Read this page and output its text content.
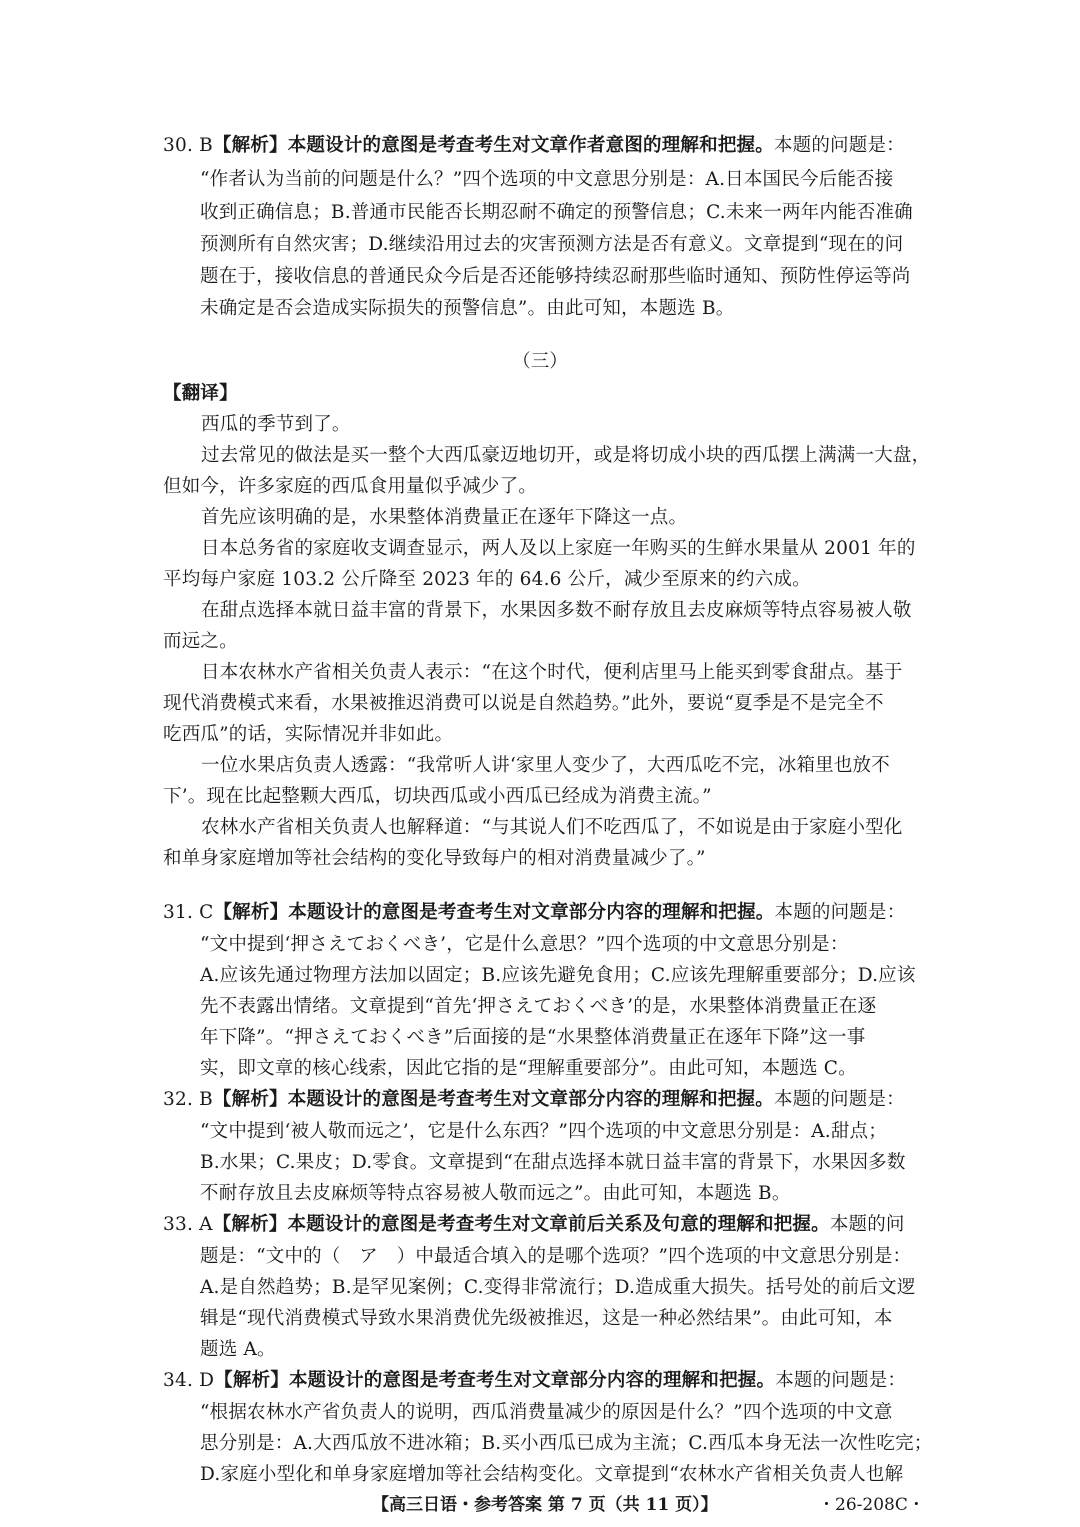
30. B【解析】本题设计的意图是考查考生对文章作者意图的理解和把握。本题的问题是：
“作者认为当前的问题是什么？”四个选项的中文意思分别是：A.日本国民今后能否接
收到正确信息；B.普通市民能否长期忍耐不确定的预警信息；C.未来一两年内能否准确
预测所有自然灾害；D.继续沿用过去的灾害预测方法是否有意义。文章提到“现在的问
题在于，接收信息的普通民众今后是否还能够持续忍耐那些临时通知、预防性停运等尚
未确定是否会造成实际损失的预警信息”。由此可知，本题选 B。
（三）
【翻译】
西瓜的季节到了。
过去常见的做法是买一整个大西瓜豪迈地切开，或是将切成小块的西瓜摆上满满一大盘，
但如今，许多家庭的西瓜食用量似乎减少了。
首先应该明确的是，水果整体消费量正在逐年下降这一点。
日本总务省的家庭收支调查显示，两人及以上家庭一年购买的生鲜水果量从 2001 年的
平均每户家庭 103.2 公斤降至 2023 年的 64.6 公斤，减少至原来的约六成。
在甜点选择本就日益丰富的背景下，水果因多数不耐存放且去皮麻烦等特点容易被人敬
而远之。
日本农林水产省相关负责人表示：“在这个时代，便利店里马上能买到零食甜点。基于
现代消费模式来看，水果被推迟消费可以说是自然趋势。”此外，要说“夏季是不是完全不
吃西瓜”的话，实际情况并非如此。
一位水果店负责人透露：“我常听人讲‘家里人变少了，大西瓜吃不完，冰箱里也放不
下’。现在比起整颗大西瓜，切块西瓜或小西瓜已经成为消费主流。”
农林水产省相关负责人也解释道：“与其说人们不吃西瓜了，不如说是由于家庭小型化
和单身家庭增加等社会结构的变化导致每户的相对消费量减少了。”
31. C【解析】本题设计的意图是考查考生对文章部分内容的理解和把握。本题的问题是：
“文中提到‘押さえておくべき’，它是什么意思？”四个选项的中文意思分别是：
A.应该先通过物理方法加以固定；B.应该先避免食用；C.应该先理解重要部分；D.应该
先不表露出情绪。文章提到“首先‘押さえておくべき’的是，水果整体消费量正在逐
年下降”。“押さえておくべき”后面接的是“水果整体消费量正在逐年下降”这一事
实，即文章的核心线索，因此它指的是“理解重要部分”。由此可知，本题选 C。
32. B【解析】本题设计的意图是考查考生对文章部分内容的理解和把握。本题的问题是：
“文中提到‘被人敬而远之’，它是什么东西？”四个选项的中文意思分别是：A.甜点；
B.水果；C.果皮；D.零食。文章提到“在甜点选择本就日益丰富的背景下，水果因多数
不耐存放且去皮麻烦等特点容易被人敬而远之”。由此可知，本题选 B。
33. A【解析】本题设计的意图是考查考生对文章前后关系及句意的理解和把握。本题的问
题是：“文中的（　ア　）中最适合填入的是哪个选项？”四个选项的中文意思分别是：
A.是自然趋势；B.是罕见案例；C.变得非常流行；D.造成重大损失。括号处的前后文逻
辑是“现代消费模式导致水果消费优先级被推迟，这是一种必然结果”。由此可知，本
题选 A。
34. D【解析】本题设计的意图是考查考生对文章部分内容的理解和把握。本题的问题是：
“根据农林水产省负责人的说明，西瓜消费量减少的原因是什么？”四个选项的中文意
思分别是：A.大西瓜放不进冰箱；B.买小西瓜已成为主流；C.西瓜本身无法一次性吃完；
D.家庭小型化和单身家庭增加等社会结构变化。文章提到“农林水产省相关负责人也解
【高三日语・参考答案 第 7 页（共 11 页）】	・26-208C・
